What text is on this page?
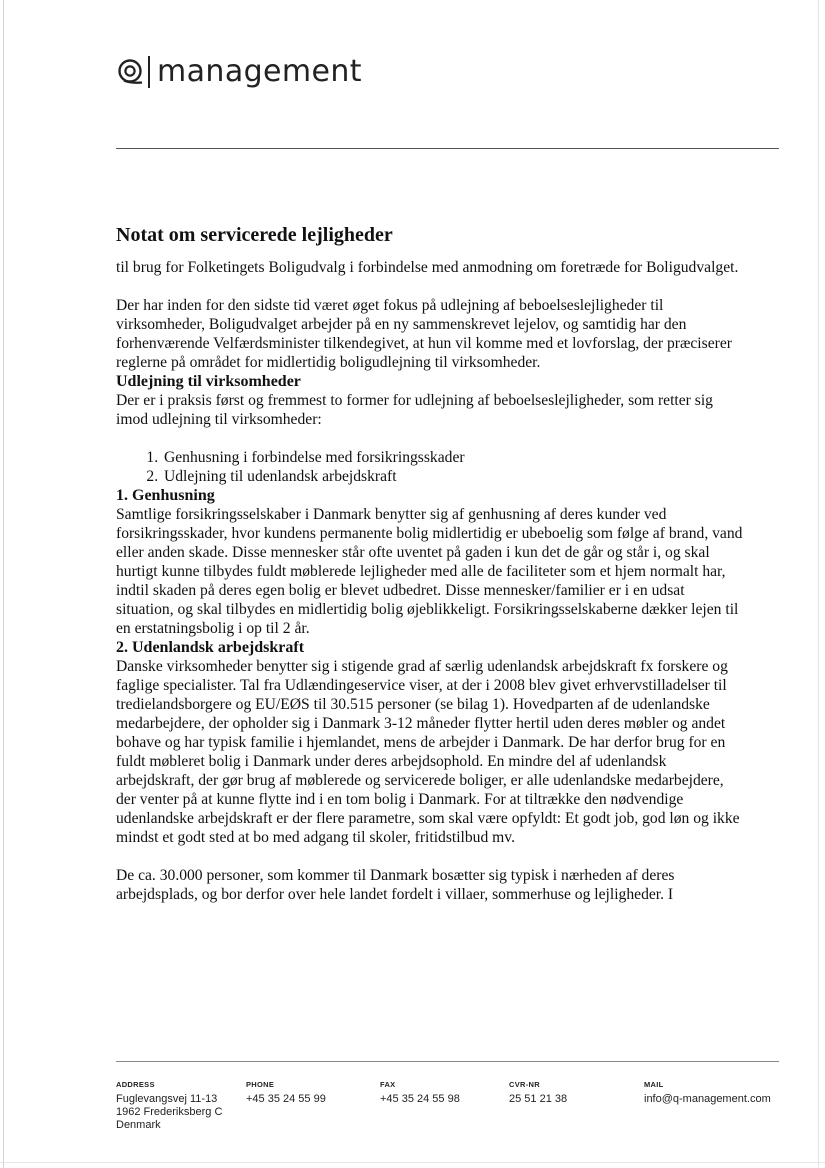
management
Notat om servicerede lejligheder

til brug for Folketingets Boligudvalg i forbindelse med anmodning om foretræde for Boligudvalget.

Der har inden for den sidste tid været øget fokus på udlejning af beboelseslejligheder til virksomheder, Boligudvalget arbejder på en ny sammenskrevet lejelov, og samtidig har den forhenværende Velfærdsminister tilkendegivet, at hun vil komme med et lovforslag, der præciserer reglerne på området for midlertidig boligudlejning til virksomheder.

Udlejning til virksomheder

Der er i praksis først og fremmest to former for udlejning af beboelseslejligheder, som retter sig imod udlejning til virksomheder:

1. Genhusning i forbindelse med forsikringsskader
2. Udlejning til udenlandsk arbejdskraft
1. Genhusning

Samtlige forsikringsselskaber i Danmark benytter sig af genhusning af deres kunder ved forsikringsskader, hvor kundens permanente bolig midlertidig er ubeboelig som følge af brand, vand eller anden skade. Disse mennesker står ofte uventet på gaden i kun det de går og står i, og skal hurtigt kunne tilbydes fuldt møblerede lejligheder med alle de faciliteter som et hjem normalt har, indtil skaden på deres egen bolig er blevet udbedret. Disse mennesker/familier er i en udsat situation, og skal tilbydes en midlertidig bolig øjeblikkeligt. Forsikringsselskaberne dækker lejen til en erstatningsbolig i op til 2 år.

2. Udenlandsk arbejdskraft

Danske virksomheder benytter sig i stigende grad af særlig udenlandsk arbejdskraft fx forskere og faglige specialister. Tal fra Udlændingeservice viser, at der i 2008 blev givet erhvervstilladelser til tredielandsborgere og EU/EØS til 30.515 personer (se bilag 1). Hovedparten af de udenlandske medarbejdere, der opholder sig i Danmark 3-12 måneder flytter hertil uden deres møbler og andet bohave og har typisk familie i hjemlandet, mens de arbejder i Danmark. De har derfor brug for en fuldt møbleret bolig i Danmark under deres arbejdsophold. En mindre del af udenlandsk arbejdskraft, der gør brug af møblerede og servicerede boliger, er alle udenlandske medarbejdere, der venter på at kunne flytte ind i en tom bolig i Danmark. For at tiltrække den nødvendige udenlandske arbejdskraft er der flere parametre, som skal være opfyldt: Et godt job, god løn og ikke mindst et godt sted at bo med adgang til skoler, fritidstilbud mv.

De ca. 30.000 personer, som kommer til Danmark bosætter sig typisk i nærheden af deres arbejdsplads, og bor derfor over hele landet fordelt i villaer, sommerhuse og lejligheder. I

ADDRESS
Fuglevangsvej 11-13
1962 Frederiksberg C
Denmark
PHONE
+45 35 24 55 99
FAX
+45 35 24 55 98
CVR-NR
25 51 21 38
MAIL
info@q-management.com
